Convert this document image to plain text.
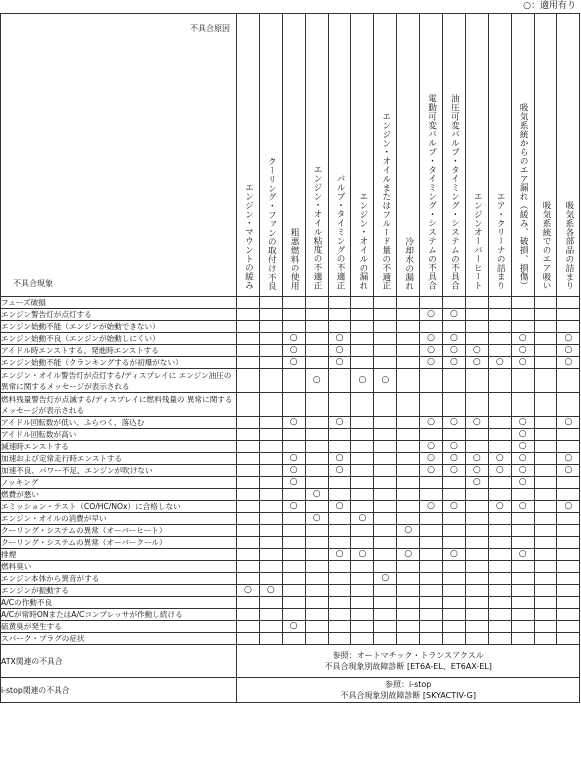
○：適用有り
不具合原因
不具合現象	エンジン・マウントの緩み	クーリング・ファンの取付け不良	粗悪燃料の使用	エンジン・オイル粘度の不適正	バルブ・タイミングの不適正	エンジン・オイルの漏れ	エンジン・オイルまたはフルード量の不適正	冷却水の漏れ	電動可変バルブ・タイミング・システムの不具合	油圧可変バルブ・タイミング・システムの不具合	エンジンオーバーヒート	エア・クリーナの詰まり	吸気系統からのエア漏れ（緩み、破損、損傷）	吸気系統でのエア吸い	吸気系各部品の詰まり
フューズ破損															
エンジン警告灯が点灯する									○	○					
エンジン始動不能（エンジンが始動できない）															
エンジン始動不良（エンジンが始動しにくい）			○		○				○	○			○		○
アイドル時エンストする、発進時エンストする			○		○				○	○	○		○		○
エンジン始動不能（クランキングするが初爆がない）			○		○				○	○	○	○	○		○
エンジン・オイル警告灯が点灯する/ディスプレイに エンジン油圧の異常に関するメッセージが表示される				○		○	○								
燃料残量警告灯が点滅する/ディスプレイに燃料残量の 異常に関するメッセージが表示される															
アイドル回転数が低い、ふらつく、落込む			○		○				○	○	○		○		○
アイドル回転数が高い													○		
減速時エンストする									○	○			○		
加速および定常走行時エンストする			○		○				○	○	○	○	○		○
加速不良、パワー不足、エンジンが吹けない			○		○				○	○	○	○	○		○
ノッキング			○								○		○		
燃費が悪い				○											
エミッション・テスト（CO/HC/NOx）に合格しない			○		○				○	○		○	○		○
エンジン・オイルの消費が早い				○		○									
クーリング・システムの異常（オーバーヒート）								○							
クーリング・システムの異常（オーバークール）															
排煙					○	○		○		○			○		
燃料臭い															
エンジン本体から異音がする							○								
エンジンが振動する	○	○													
A/Cの作動不良															
A/Cが常時ONまたはA/Cコンプレッサが作動し続ける															
硫黄臭が発生する			○												
スパーク・プラグの症状															
ATX関連の不具合	参照：オートマチック・トランスアクスル
不具合現象別故障診断 [ET6A-EL、ET6AX-EL]														

i-stop関連の不具合	参照：i-stop
不具合現象別故障診断 [SKYACTIV-G]														
